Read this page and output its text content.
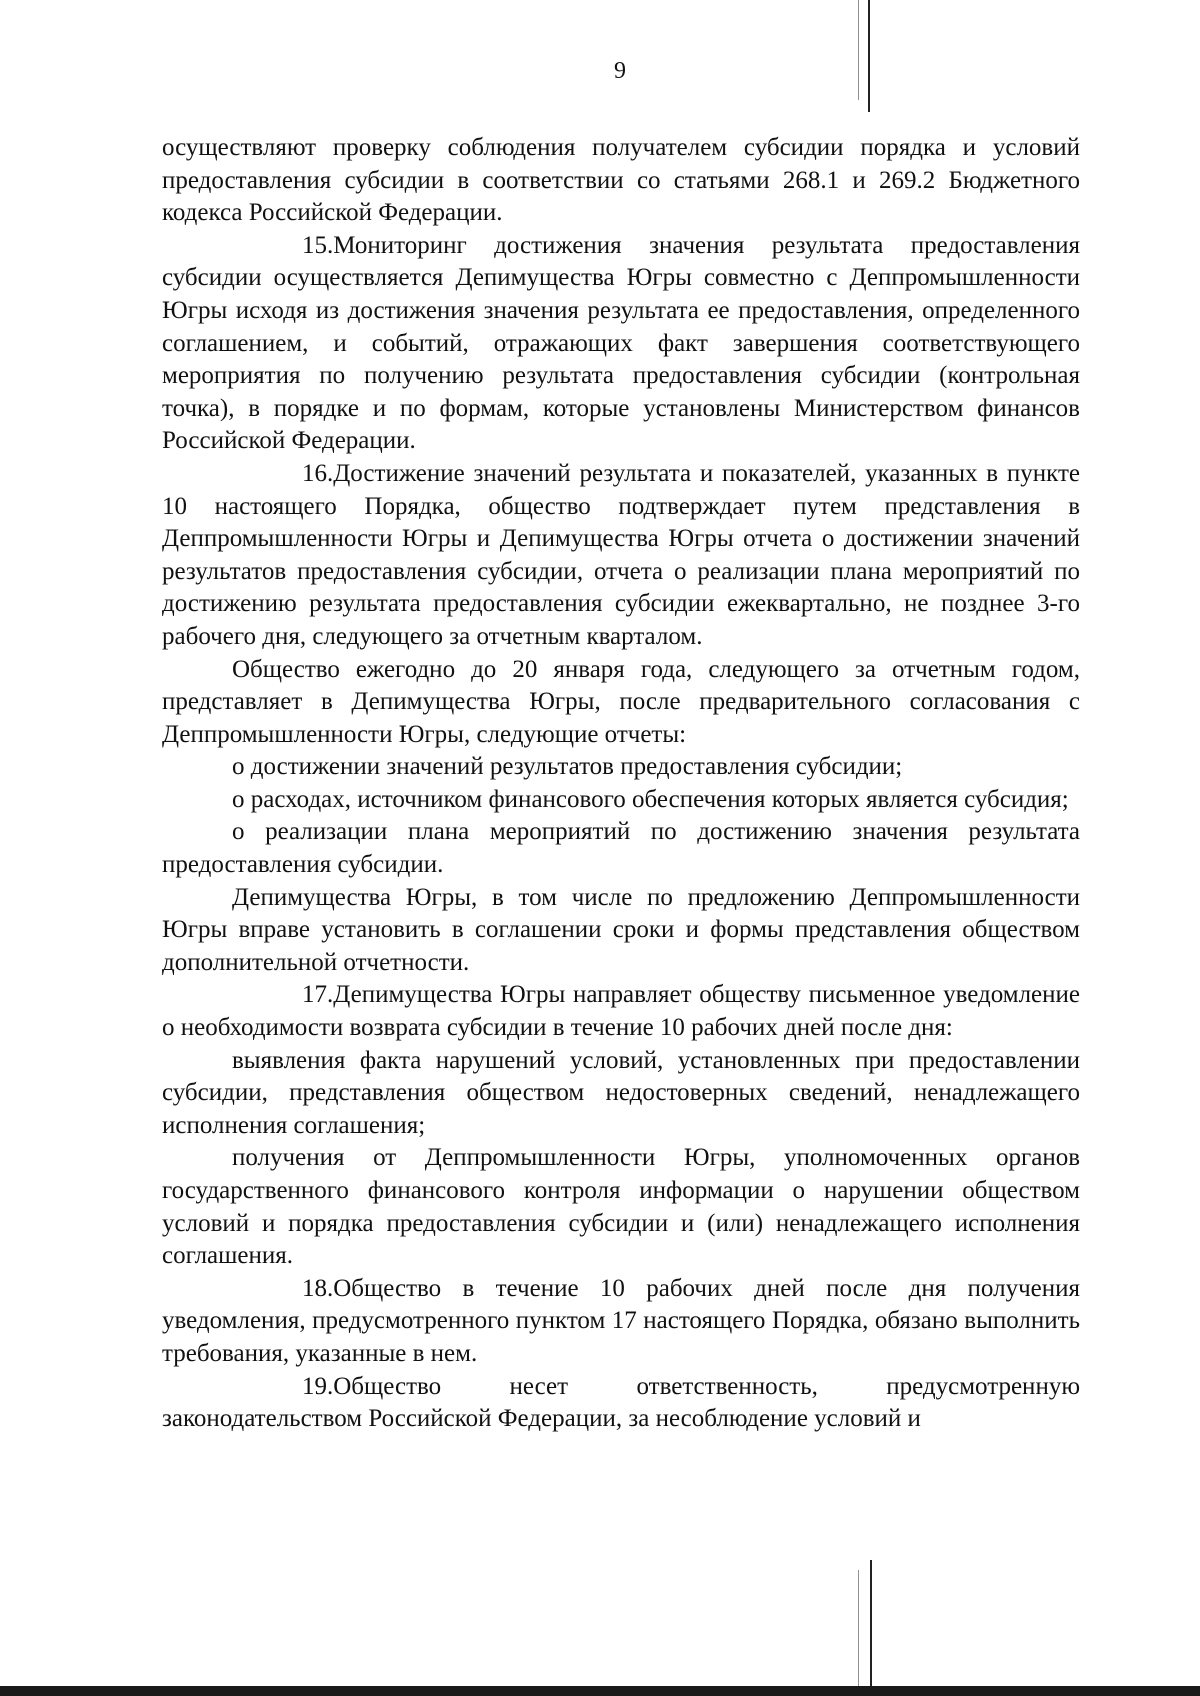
9

осуществляют проверку соблюдения получателем субсидии порядка и условий предоставления субсидии в соответствии со статьями 268.1 и 269.2 Бюджетного кодекса Российской Федерации.

15.Мониторинг достижения значения результата предоставления субсидии осуществляется Депимущества Югры совместно с Деппромышленности Югры исходя из достижения значения результата ее предоставления, определенного соглашением, и событий, отражающих факт завершения соответствующего мероприятия по получению результата предоставления субсидии (контрольная точка), в порядке и по формам, которые установлены Министерством финансов Российской Федерации.

16.Достижение значений результата и показателей, указанных в пункте 10 настоящего Порядка, общество подтверждает путем представления в Деппромышленности Югры и Депимущества Югры отчета о достижении значений результатов предоставления субсидии, отчета о реализации плана мероприятий по достижению результата предоставления субсидии ежеквартально, не позднее 3-го рабочего дня, следующего за отчетным кварталом.

Общество ежегодно до 20 января года, следующего за отчетным годом, представляет в Депимущества Югры, после предварительного согласования с Деппромышленности Югры, следующие отчеты:

о достижении значений результатов предоставления субсидии;

о расходах, источником финансового обеспечения которых является субсидия;

о реализации плана мероприятий по достижению значения результата предоставления субсидии.

Депимущества Югры, в том числе по предложению Деппромышленности Югры вправе установить в соглашении сроки и формы представления обществом дополнительной отчетности.

17.Депимущества Югры направляет обществу письменное уведомление о необходимости возврата субсидии в течение 10 рабочих дней после дня:

выявления факта нарушений условий, установленных при предоставлении субсидии, представления обществом недостоверных сведений, ненадлежащего исполнения соглашения;

получения от Деппромышленности Югры, уполномоченных органов государственного финансового контроля информации о нарушении обществом условий и порядка предоставления субсидии и (или) ненадлежащего исполнения соглашения.

18.Общество в течение 10 рабочих дней после дня получения уведомления, предусмотренного пунктом 17 настоящего Порядка, обязано выполнить требования, указанные в нем.

19.Общество несет ответственность, предусмотренную законодательством Российской Федерации, за несоблюдение условий и
